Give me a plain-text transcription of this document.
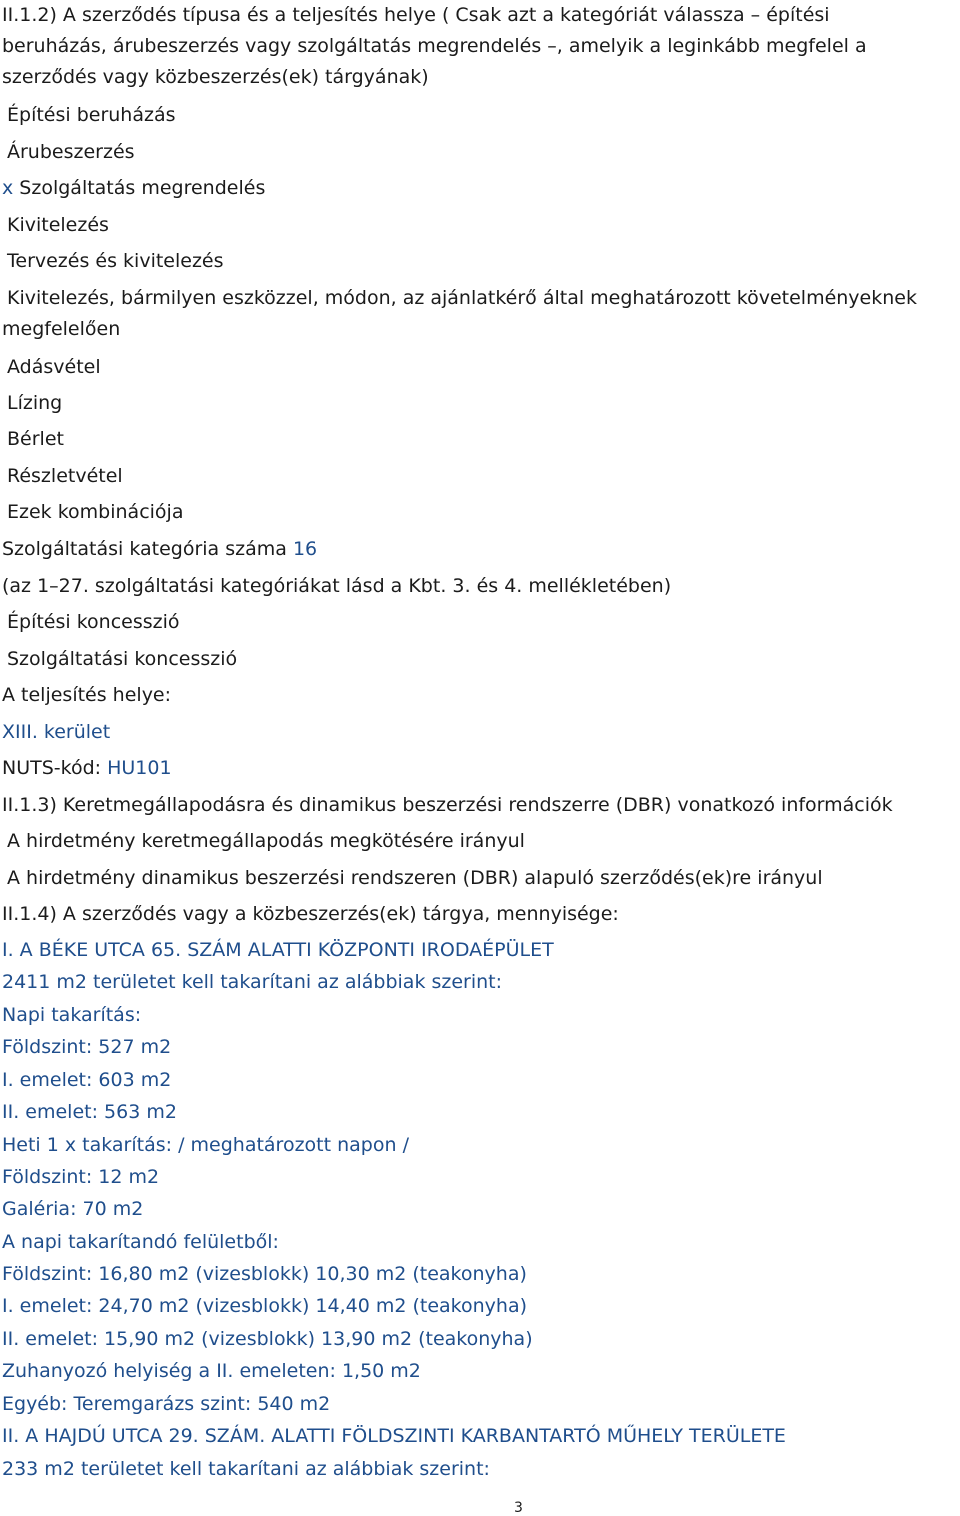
II.1.2) A szerződés típusa és a teljesítés helye ( Csak azt a kategóriát válassza – építési
beruházás, árubeszerzés vagy szolgáltatás megrendelés –, amelyik a leginkább megfelel a
szerződés vagy közbeszerzés(ek) tárgyának)
Építési beruházás
Árubeszerzés
x Szolgáltatás megrendelés
Kivitelezés
Tervezés és kivitelezés
Kivitelezés, bármilyen eszközzel, módon, az ajánlatkérő által meghatározott követelményeknek
megfelelően
Adásvétel
Lízing
Bérlet
Részletvétel
Ezek kombinációja
Szolgáltatási kategória száma 16
(az 1–27. szolgáltatási kategóriákat lásd a Kbt. 3. és 4. mellékletében)
Építési koncesszió
Szolgáltatási koncesszió
A teljesítés helye:
XIII. kerület
NUTS-kód: HU101
II.1.3) Keretmegállapodásra és dinamikus beszerzési rendszerre (DBR) vonatkozó információk
A hirdetmény keretmegállapodás megkötésére irányul
A hirdetmény dinamikus beszerzési rendszeren (DBR) alapuló szerződés(ek)re irányul
II.1.4) A szerződés vagy a közbeszerzés(ek) tárgya, mennyisége:
I. A BÉKE UTCA 65. SZÁM ALATTI KÖZPONTI IRODAÉPÜLET
2411 m2 területet kell takarítani az alábbiak szerint:
Napi takarítás:
Földszint: 527 m2
I. emelet: 603 m2
II. emelet: 563 m2
Heti 1 x takarítás: / meghatározott napon /
Földszint: 12 m2
Galéria: 70 m2
A napi takarítandó felületből:
Földszint: 16,80 m2 (vizesblokk) 10,30 m2 (teakonyha)
I. emelet: 24,70 m2 (vizesblokk) 14,40 m2 (teakonyha)
II. emelet: 15,90 m2 (vizesblokk) 13,90 m2 (teakonyha)
Zuhanyozó helyiség a II. emeleten: 1,50 m2
Egyéb: Teremgarázs szint: 540 m2
II. A HAJDÚ UTCA 29. SZÁM. ALATTI FÖLDSZINTI KARBANTARTÓ MŰHELY TERÜLETE
233 m2 területet kell takarítani az alábbiak szerint:
3
